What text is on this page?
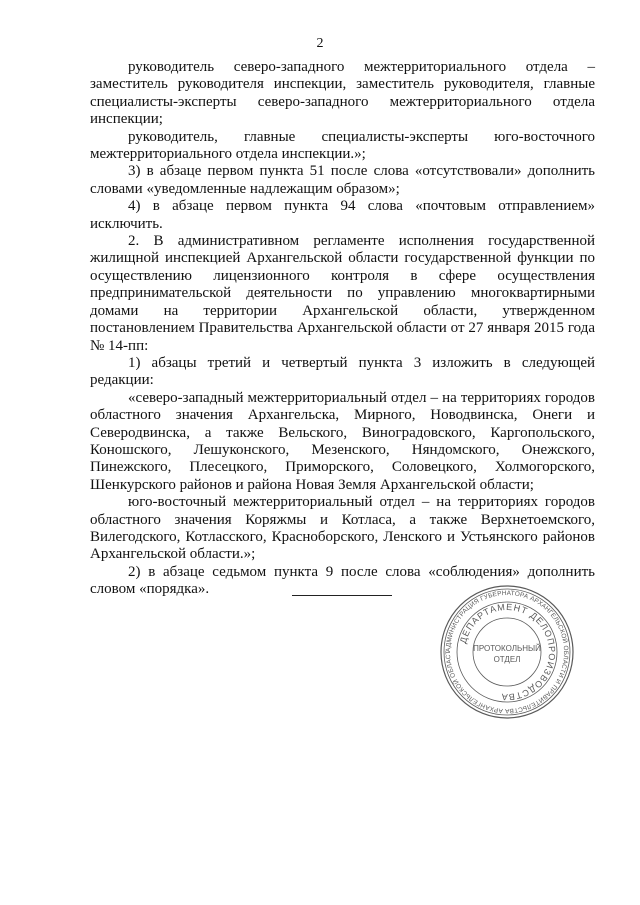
2

руководитель северо-западного межтерриториального отдела – заместитель руководителя инспекции, заместитель руководителя, главные специалисты-эксперты северо-западного межтерриториального отдела инспекции;

руководитель, главные специалисты-эксперты юго-восточного межтерриториального отдела инспекции.»;

3) в абзаце первом пункта 51 после слова «отсутствовали» дополнить словами «уведомленные надлежащим образом»;

4) в абзаце первом пункта 94 слова «почтовым отправлением» исключить.

2. В административном регламенте исполнения государственной жилищной инспекцией Архангельской области государственной функции по осуществлению лицензионного контроля в сфере осуществления предпринимательской деятельности по управлению многоквартирными домами на территории Архангельской области, утвержденном постановлением Правительства Архангельской области от 27 января 2015 года № 14-пп:

1) абзацы третий и четвертый пункта 3 изложить в следующей редакции:

«северо-западный межтерриториальный отдел – на территориях городов областного значения Архангельска, Мирного, Новодвинска, Онеги и Северодвинска, а также Вельского, Виноградовского, Каргопольского, Коношского, Лешуконского, Мезенского, Няндомского, Онежского, Пинежского, Плесецкого, Приморского, Соловецкого, Холмогорского, Шенкурского районов и района Новая Земля Архангельской области;

юго-восточный межтерриториальный отдел – на территориях городов областного значения Коряжмы и Котласа, а также Верхнетоемского, Вилегодского, Котласского, Красноборского, Ленского и Устьянского районов Архангельской области.»;

2) в абзаце седьмом пункта 9 после слова «соблюдения» дополнить словом «порядка».

АДМИНИСТРАЦИЯ ГУБЕРНАТОРА АРХАНГЕЛЬСКОЙ ОБЛАСТИ И ПРАВИТЕЛЬСТВА АРХАНГЕЛЬСКОЙ ОБЛАСТ
ДЕПАРТАМЕНТ ДЕЛОПРОИЗВОДСТВА
ПРОТОКОЛЬНЫЙ
ОТДЕЛ
